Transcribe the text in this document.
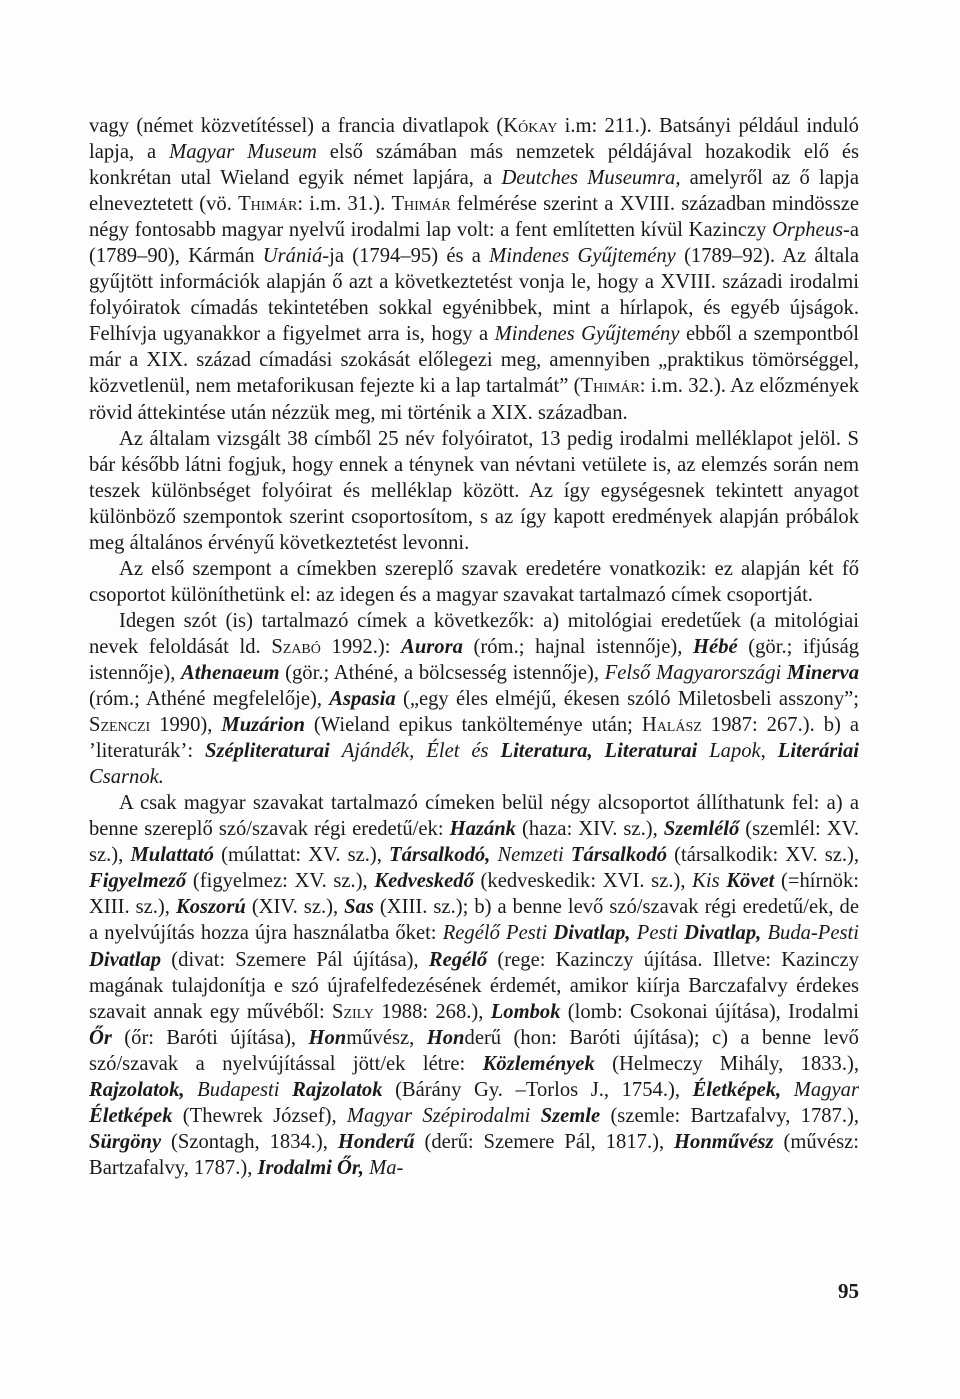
vagy (német közvetítéssel) a francia divatlapok (Kókay i.m: 211.). Batsányi például induló lapja, a Magyar Museum első számában más nemzetek példájával hozakodik elő és konkrétan utal Wieland egyik német lapjára, a Deutches Museumra, amelyről az ő lapja elneveztetett (vö. Thimár: i.m. 31.). Thimár felmérése szerint a XVIII. században mindössze négy fontosabb magyar nyelvű irodalmi lap volt: a fent említetten kívül Kazinczy Orpheus-a (1789–90), Kármán Urániá-ja (1794–95) és a Mindenes Gyűjtemény (1789–92). Az általa gyűjtött információk alapján ő azt a következtetést vonja le, hogy a XVIII. századi irodalmi folyóiratok címadás tekintetében sokkal egyénibbek, mint a hírlapok, és egyéb újságok. Felhívja ugyanakkor a figyelmet arra is, hogy a Mindenes Gyűjtemény ebből a szempontból már a XIX. század címadási szokását előlegezi meg, amennyiben „praktikus tömörséggel, közvetlenül, nem metaforikusan fejezte ki a lap tartalmát” (Thimár: i.m. 32.). Az előzmények rövid áttekintése után nézzük meg, mi történik a XIX. században.

Az általam vizsgált 38 címből 25 név folyóiratot, 13 pedig irodalmi melléklapot jelöl. S bár később látni fogjuk, hogy ennek a ténynek van névtani vetülete is, az elemzés során nem teszek különbséget folyóirat és melléklap között. Az így egységesnek tekintett anyagot különböző szempontok szerint csoportosítom, s az így kapott eredmények alapján próbálok meg általános érvényű következtetést levonni.

Az első szempont a címekben szereplő szavak eredetére vonatkozik: ez alapján két fő csoportot különíthetünk el: az idegen és a magyar szavakat tartalmazó címek csoportját.

Idegen szót (is) tartalmazó címek a következők: a) mitológiai eredetűek (a mitológiai nevek feloldását ld. Szabó 1992.): Aurora (róm.; hajnal istennője), Hébé (gör.; ifjúság istennője), Athenaeum (gör.; Athéné, a bölcsesség istennője), Felső Magyarországi Minerva (róm.; Athéné megfelelője), Aspasia („egy éles elméjű, ékesen szóló Miletosbeli asszony”; Szenczi 1990), Muzárion (Wieland epikus tankölteménye után; Halász 1987: 267.). b) a ’literaturák’: Szépliteraturai Ajándék, Élet és Literatura, Literaturai Lapok, Literáriai Csarnok.

A csak magyar szavakat tartalmazó címeken belül négy alcsoportot állíthatunk fel: a) a benne szereplő szó/szavak régi eredetű/ek: Hazánk (haza: XIV. sz.), Szemlélő (szemlél: XV. sz.), Mulattató (múlattat: XV. sz.), Társalkodó, Nemzeti Társalkodó (társalkodik: XV. sz.), Figyelmező (figyelmez: XV. sz.), Kedveskedő (kedveskedik: XVI. sz.), Kis Követ (=hírnök: XIII. sz.), Koszorú (XIV. sz.), Sas (XIII. sz.); b) a benne levő szó/szavak régi eredetű/ek, de a nyelvújítás hozza újra használatba őket: Regélő Pesti Divatlap, Pesti Divatlap, Buda-Pesti Divatlap (divat: Szemere Pál újítása), Regélő (rege: Kazinczy újítása. Illetve: Kazinczy magának tulajdonítja e szó újrafelfedezésének érdemét, amikor kiírja Barczafalvy érdekes szavait annak egy művéből: Szily 1988: 268.), Lombok (lomb: Csokonai újítása), Irodalmi Őr (őr: Baróti újítása), Honművész, Honderű (hon: Baróti újítása); c) a benne levő szó/szavak a nyelvújítással jött/ek létre: Közlemények (Helmeczy Mihály, 1833.), Rajzolatok, Budapesti Rajzolatok (Bárány Gy. –Torlos J., 1754.), Életképek, Magyar Életképek (Thewrek József), Magyar Szépirodalmi Szemle (szemle: Bartzafalvy, 1787.), Sürgöny (Szontagh, 1834.), Honderű (derű: Szemere Pál, 1817.), Honművész (művész: Bartzafalvy, 1787.), Irodalmi Őr, Ma-

95
